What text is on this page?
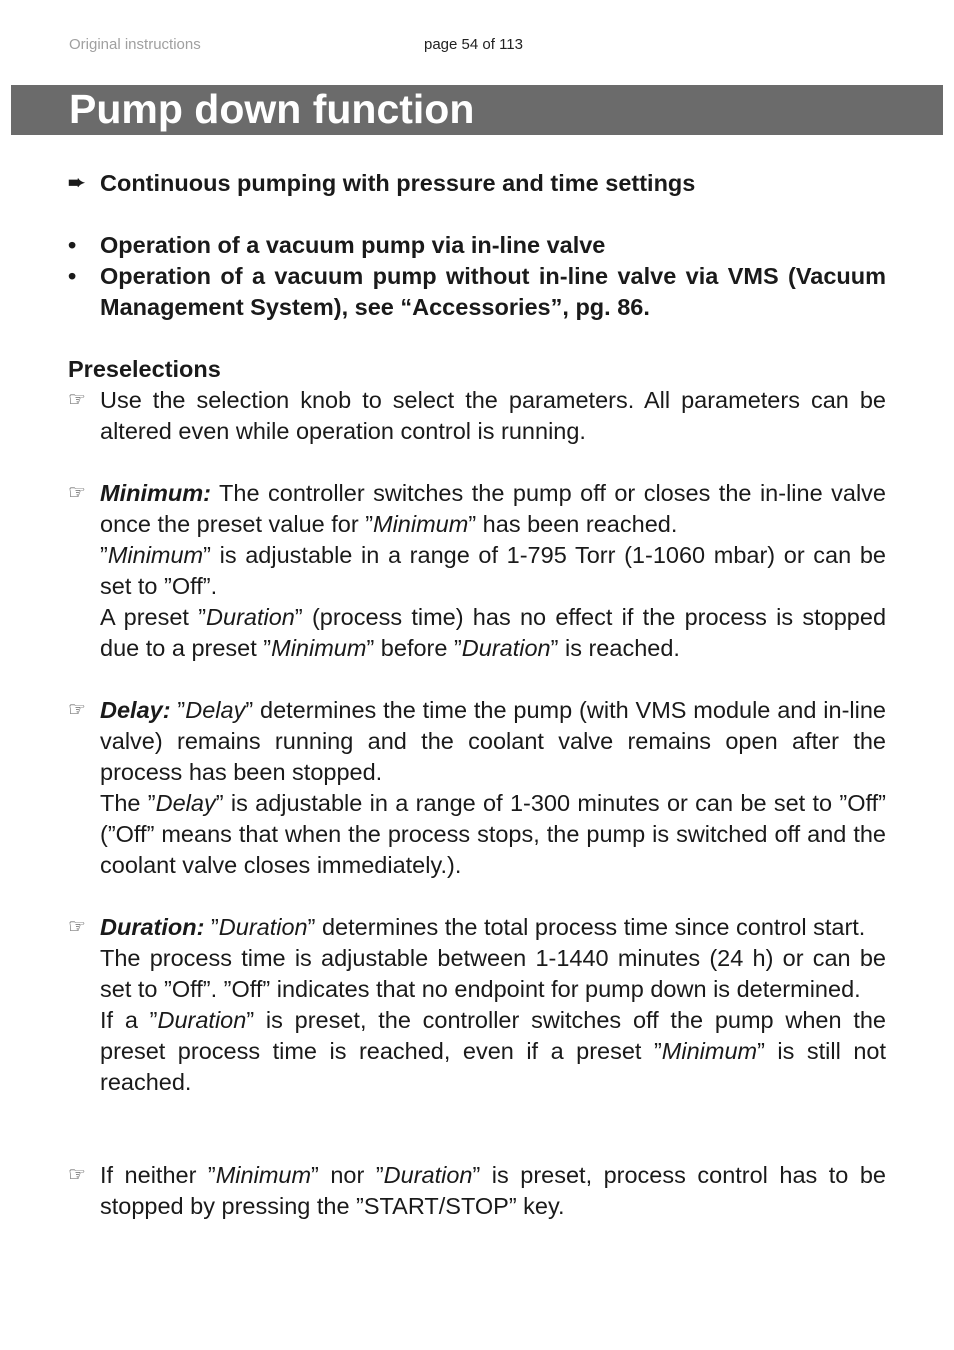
Original instructions	page 54 of 113
Pump down function
➨ Continuous pumping with pressure and time settings
•	Operation of a vacuum pump via in-line valve
•	Operation of a vacuum pump without in-line valve via VMS (Vacuum Management System), see “Accessories”, pg. 86.
Preselections
☞ Use the selection knob to select the parameters. All parameters can be altered even while operation control is running.
☞ Minimum: The controller switches the pump off or closes the in-line valve once the preset value for ”Minimum” has been reached.

”Minimum” is adjustable in a range of 1-795 Torr (1-1060 mbar) or can be set to ”Off”.

A preset ”Duration” (process time) has no effect if the process is stopped due to a preset ”Minimum” before ”Duration” is reached.

☞ Delay: ”Delay” determines the time the pump (with VMS module and in-line valve) remains running and the coolant valve remains open after the process has been stopped.

The ”Delay” is adjustable in a range of 1-300 minutes or can be set to ”Off” (”Off” means that when the process stops, the pump is switched off and the coolant valve closes immediately.).

☞ Duration: ”Duration” determines the total process time since control start.

The process time is adjustable between 1-1440 minutes (24 h) or can be set to ”Off”. ”Off” indicates that no endpoint for pump down is determined.

If a ”Duration” is preset, the controller switches off the pump when the preset process time is reached, even if a preset ”Minimum” is still not reached.

☞ If neither ”Minimum” nor ”Duration” is preset, process control has to be stopped by pressing the ”START/STOP” key.
